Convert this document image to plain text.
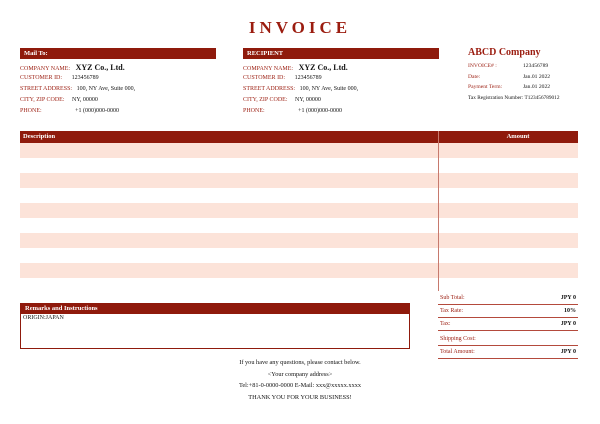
INVOICE
Mail To:
COMPANY NAME: XYZ Co., Ltd.
CUSTOMER ID: 123456789
STREET ADDRESS: 100, NY Ave, Suite 000,
CITY, ZIP CODE: NY, 00000
PHONE:	+1 (000)000-0000
RECIPIENT
COMPANY NAME: XYZ Co., Ltd.
CUSTOMER ID: 123456789
STREET ADDRESS: 100, NY Ave, Suite 000,
CITY, ZIP CODE: NY, 00000
PHONE:	+1 (000)000-0000
ABCD Company
INVOICE# :	123456789
Date:	Jan.01 2022
Payment Term:	Jan.01 2022
Tax Registration Number: T123456789012
Description	Amount
Remarks and Instructions
ORIGIN:JAPAN
Sub Total:	JPY 0
Tax Rate:	10%
Tax:	JPY 0
Shipping Cost:
Total Amount:	JPY 0
If you have any questions, please contact below.
<Your company address>
Tel:+81-0-0000-0000 E-Mail: xxx@xxxxx.xxxx
THANK YOU FOR YOUR BUSINESS!
